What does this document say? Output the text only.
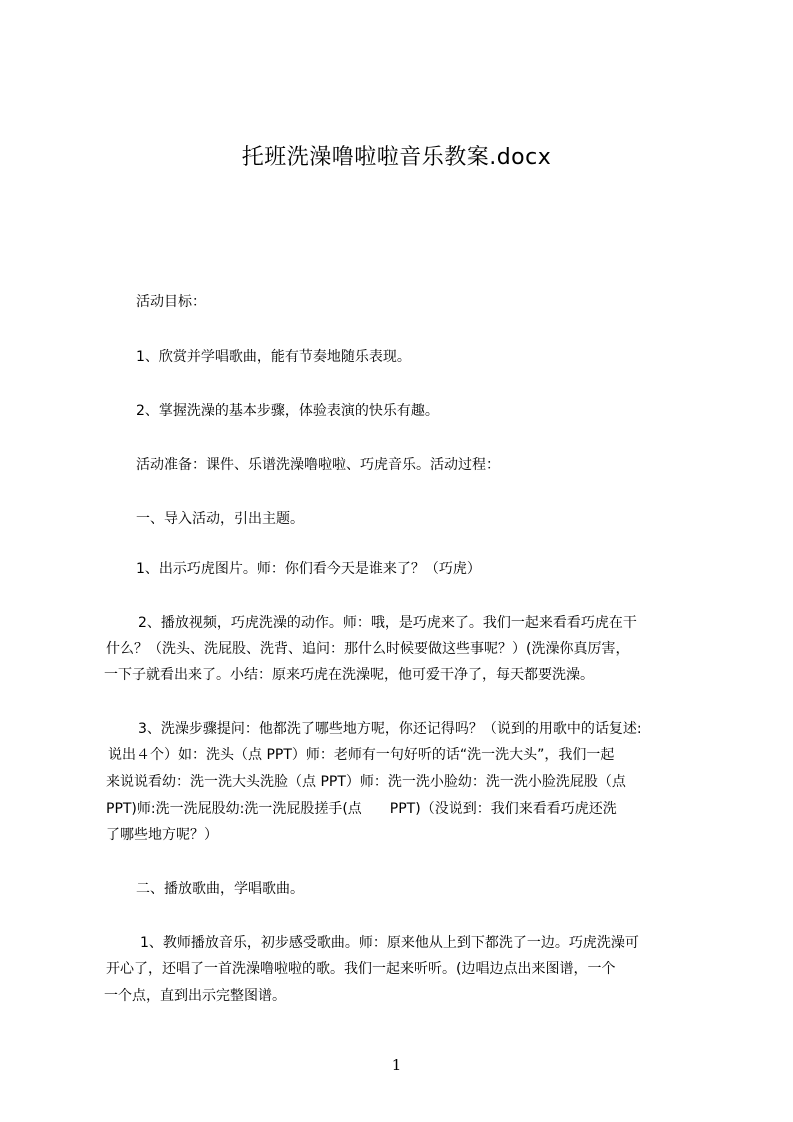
托班洗澡噜啦啦音乐教案.docx
活动目标：
1、欣赏并学唱歌曲，能有节奏地随乐表现。
2、掌握洗澡的基本步骤，体验表演的快乐有趣。
活动准备：课件、乐谱洗澡噜啦啦、巧虎音乐。活动过程：
一、导入活动，引出主题。
1、出示巧虎图片。师：你们看今天是谁来了？（巧虎）
2、播放视频，巧虎洗澡的动作。师：哦，是巧虎来了。我们一起来看看巧虎在干
什么？（洗头、洗屁股、洗背、追问：那什么时候要做这些事呢？）(洗澡你真厉害，
一下子就看出来了。小结：原来巧虎在洗澡呢，他可爱干净了，每天都要洗澡。
3、洗澡步骤提问：他都洗了哪些地方呢，你还记得吗？（说到的用歌中的话复述:
说出４个）如：洗头（点 PPT）师：老师有一句好听的话“洗一洗大头”，我们一起
来说说看幼：洗一洗大头洗脸（点 PPT）师：洗一洗小脸幼：洗一洗小脸洗屁股（点
PPT)师:洗一洗屁股幼:洗一洗屁股搓手(点　　PPT)（没说到：我们来看看巧虎还洗
了哪些地方呢？）
二、播放歌曲，学唱歌曲。
1、教师播放音乐，初步感受歌曲。师：原来他从上到下都洗了一边。巧虎洗澡可
开心了，还唱了一首洗澡噜啦啦的歌。我们一起来听听。(边唱边点出来图谱，一个
一个点，直到出示完整图谱。
1
